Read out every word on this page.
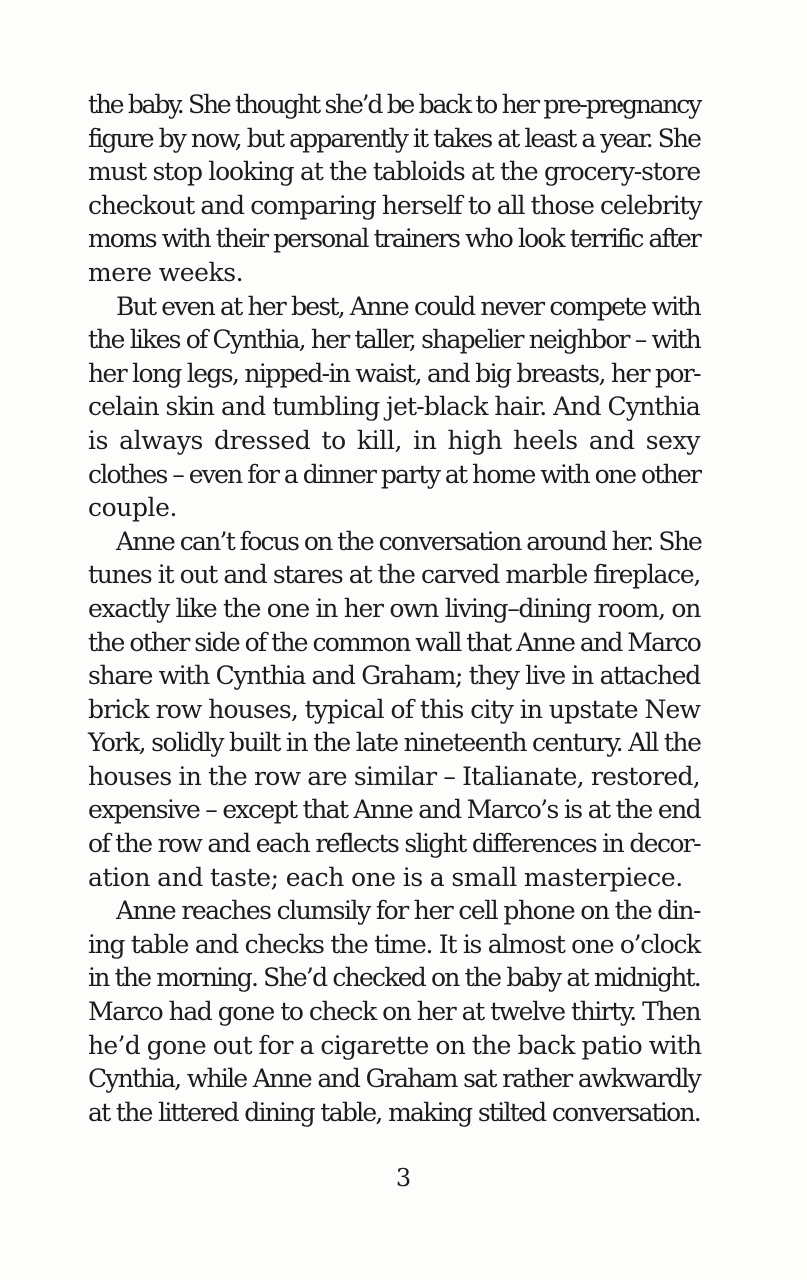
the baby. She thought she’d be back to her pre-pregnancy
figure by now, but apparently it takes at least a year. She
must stop looking at the tabloids at the grocery-store
checkout and comparing herself to all those celebrity
moms with their personal trainers who look terrific after
mere weeks.
But even at her best, Anne could never compete with
the likes of Cynthia, her taller, shapelier neighbor – with
her long legs, nipped-in waist, and big breasts, her por-
celain skin and tumbling jet-black hair. And Cynthia
is always dressed to kill, in high heels and sexy
clothes – even for a dinner party at home with one other
couple.
Anne can’t focus on the conversation around her. She
tunes it out and stares at the carved marble fireplace,
exactly like the one in her own living–dining room, on
the other side of the common wall that Anne and Marco
share with Cynthia and Graham; they live in attached
brick row houses, typical of this city in upstate New
York, solidly built in the late nineteenth century. All the
houses in the row are similar – Italianate, restored,
expensive – except that Anne and Marco’s is at the end
of the row and each reflects slight differences in decor-
ation and taste; each one is a small masterpiece.
Anne reaches clumsily for her cell phone on the din-
ing table and checks the time. It is almost one o’clock
in the morning. She’d checked on the baby at midnight.
Marco had gone to check on her at twelve thirty. Then
he’d gone out for a cigarette on the back patio with
Cynthia, while Anne and Graham sat rather awkwardly
at the littered dining table, making stilted conversation.
3
